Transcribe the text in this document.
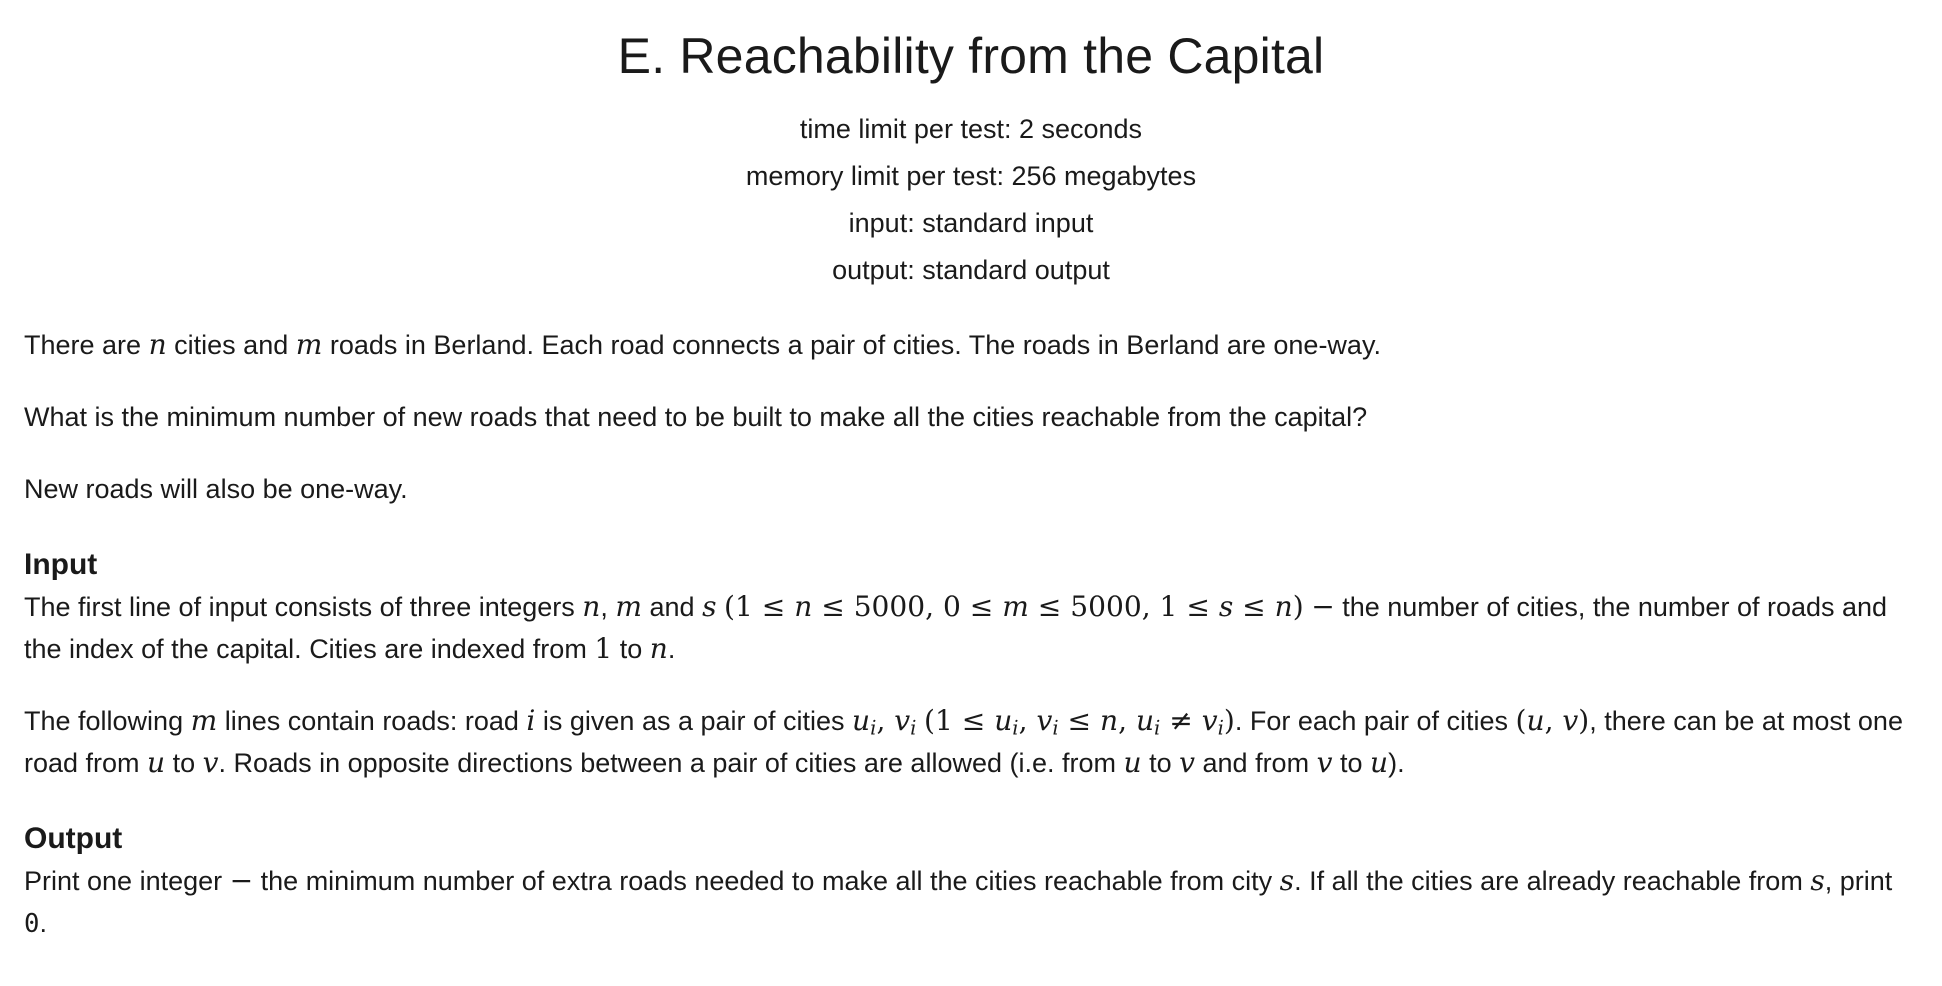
E. Reachability from the Capital
time limit per test: 2 seconds
memory limit per test: 256 megabytes
input: standard input
output: standard output

There are n cities and m roads in Berland. Each road connects a pair of cities. The roads in Berland are one-way.

What is the minimum number of new roads that need to be built to make all the cities reachable from the capital?

New roads will also be one-way.

Input

The first line of input consists of three integers n, m and s (1 ≤ n ≤ 5000, 0 ≤ m ≤ 5000, 1 ≤ s ≤ n) − the number of cities, the number of roads and the index of the capital. Cities are indexed from 1 to n.

The following m lines contain roads: road i is given as a pair of cities $u_i$, $v_i$ ($1 \le u_i$, $v_i \le n$, $u_i \ne v_i$). For each pair of cities (u, v), there can be at most one road from u to v. Roads in opposite directions between a pair of cities are allowed (i.e. from u to v and from v to u).

Output

Print one integer − the minimum number of extra roads needed to make all the cities reachable from city s. If all the cities are already reachable from s, print 0.
